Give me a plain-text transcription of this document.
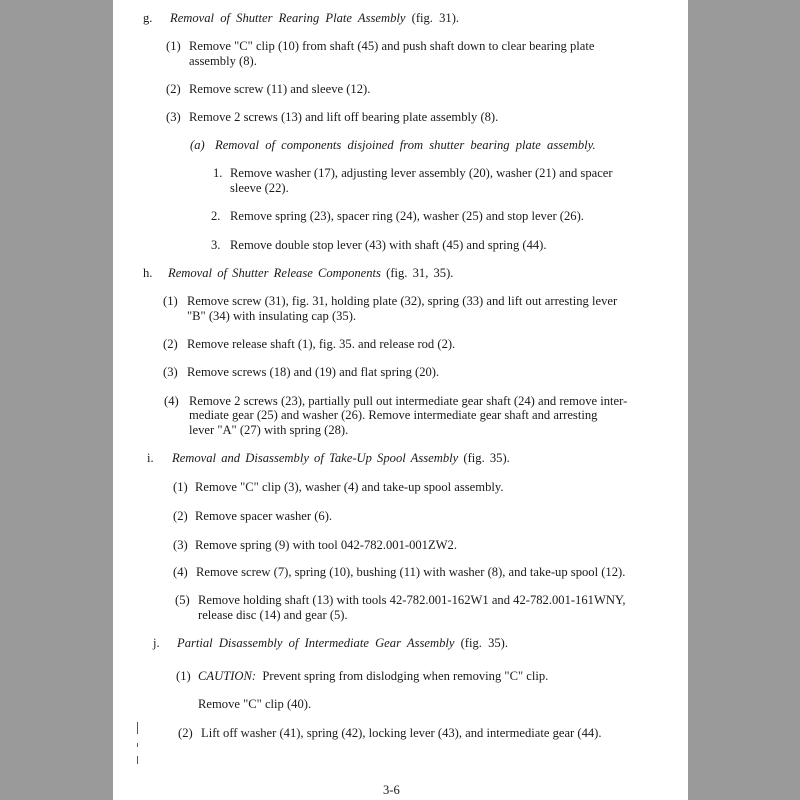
g. Removal of Shutter Rearing Plate Assembly (fig. 31).
(1) Remove "C" clip (10) from shaft (45) and push shaft down to clear bearing plate
assembly (8).
(2) Remove screw (11) and sleeve (12).
(3) Remove 2 screws (13) and lift off bearing plate assembly (8).
(a) Removal of components disjoined from shutter bearing plate assembly.
1. Remove washer (17), adjusting lever assembly (20), washer (21) and spacer
sleeve (22).
2. Remove spring (23), spacer ring (24), washer (25) and stop lever (26).
3. Remove double stop lever (43) with shaft (45) and spring (44).
h. Removal of Shutter Release Components (fig. 31, 35).
(1) Remove screw (31), fig. 31, holding plate (32), spring (33) and lift out arresting lever
"B" (34) with insulating cap (35).
(2) Remove release shaft (1), fig. 35. and release rod (2).
(3) Remove screws (18) and (19) and flat spring (20).
(4) Remove 2 screws (23), partially pull out intermediate gear shaft (24) and remove inter-
mediate gear (25) and washer (26). Remove intermediate gear shaft and arresting
lever "A" (27) with spring (28).
i. Removal and Disassembly of Take-Up Spool Assembly (fig. 35).
(1) Remove "C" clip (3), washer (4) and take-up spool assembly.
(2) Remove spacer washer (6).
(3) Remove spring (9) with tool 042-782.001-001ZW2.
(4) Remove screw (7), spring (10), bushing (11) with washer (8), and take-up spool (12).
(5) Remove holding shaft (13) with tools 42-782.001-162W1 and 42-782.001-161WNY,
release disc (14) and gear (5).
j. Partial Disassembly of Intermediate Gear Assembly (fig. 35).
(1) CAUTION: Prevent spring from dislodging when removing "C" clip.
Remove "C" clip (40).
(2) Lift off washer (41), spring (42), locking lever (43), and intermediate gear (44).
3-6
